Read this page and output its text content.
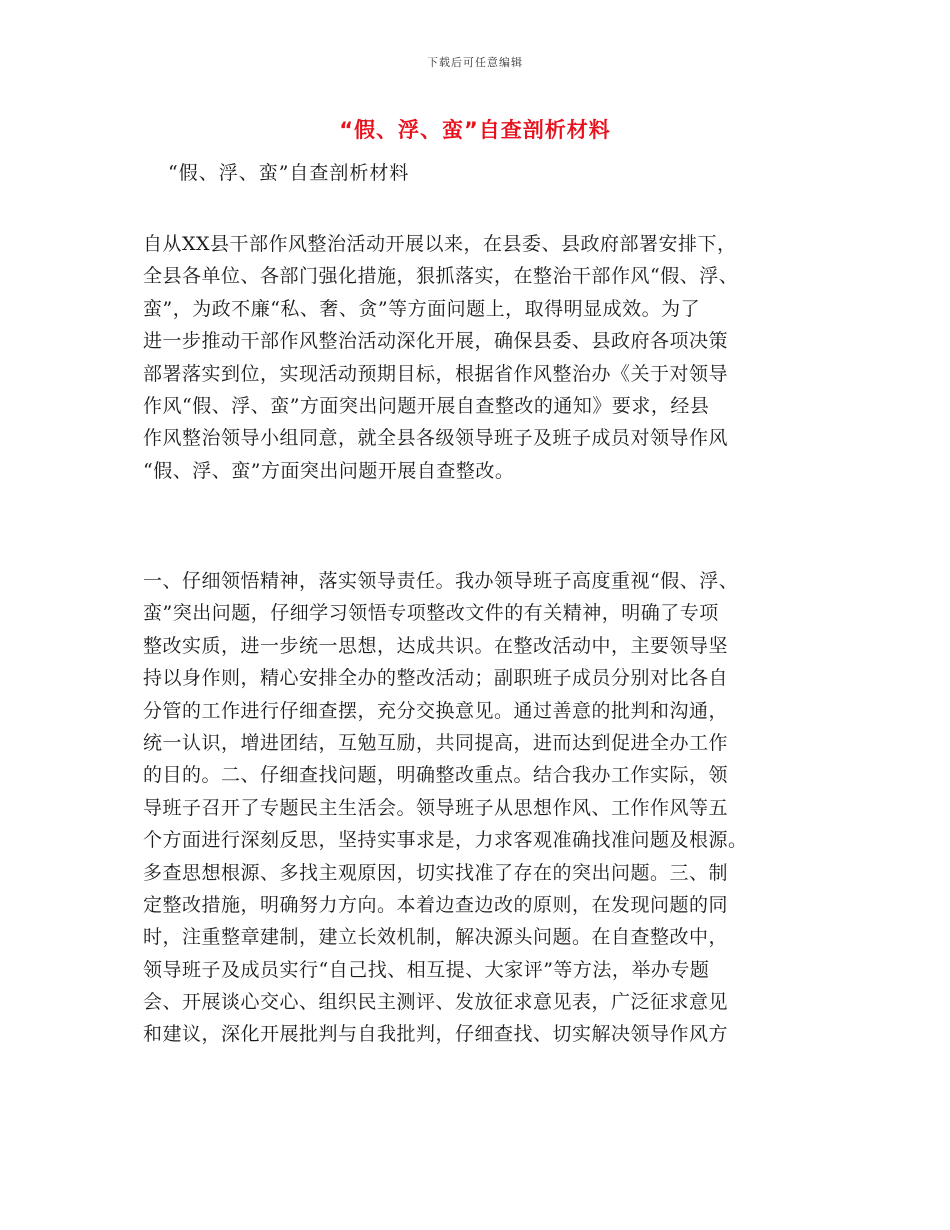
下载后可任意编辑
“假、浮、蛮”自查剖析材料
“假、浮、蛮”自查剖析材料
自从XX县干部作风整治活动开展以来，在县委、县政府部署安排下，
全县各单位、各部门强化措施，狠抓落实，在整治干部作风“假、浮、
蛮”，为政不廉“私、奢、贪”等方面问题上，取得明显成效。为了
进一步推动干部作风整治活动深化开展，确保县委、县政府各项决策
部署落实到位，实现活动预期目标，根据省作风整治办《关于对领导
作风“假、浮、蛮”方面突出问题开展自查整改的通知》要求，经县
作风整治领导小组同意，就全县各级领导班子及班子成员对领导作风
“假、浮、蛮”方面突出问题开展自查整改。
一、仔细领悟精神，落实领导责任。我办领导班子高度重视“假、浮、
蛮”突出问题，仔细学习领悟专项整改文件的有关精神，明确了专项
整改实质，进一步统一思想，达成共识。在整改活动中，主要领导坚
持以身作则，精心安排全办的整改活动；副职班子成员分别对比各自
分管的工作进行仔细查摆，充分交换意见。通过善意的批判和沟通，
统一认识，增进团结，互勉互励，共同提高，进而达到促进全办工作
的目的。二、仔细查找问题，明确整改重点。结合我办工作实际，领
导班子召开了专题民主生活会。领导班子从思想作风、工作作风等五
个方面进行深刻反思，坚持实事求是，力求客观准确找准问题及根源。
多查思想根源、多找主观原因，切实找准了存在的突出问题。三、制
定整改措施，明确努力方向。本着边查边改的原则，在发现问题的同
时，注重整章建制，建立长效机制，解决源头问题。在自查整改中，
领导班子及成员实行“自己找、相互提、大家评”等方法，举办专题
会、开展谈心交心、组织民主测评、发放征求意见表，广泛征求意见
和建议，深化开展批判与自我批判，仔细查找、切实解决领导作风方
